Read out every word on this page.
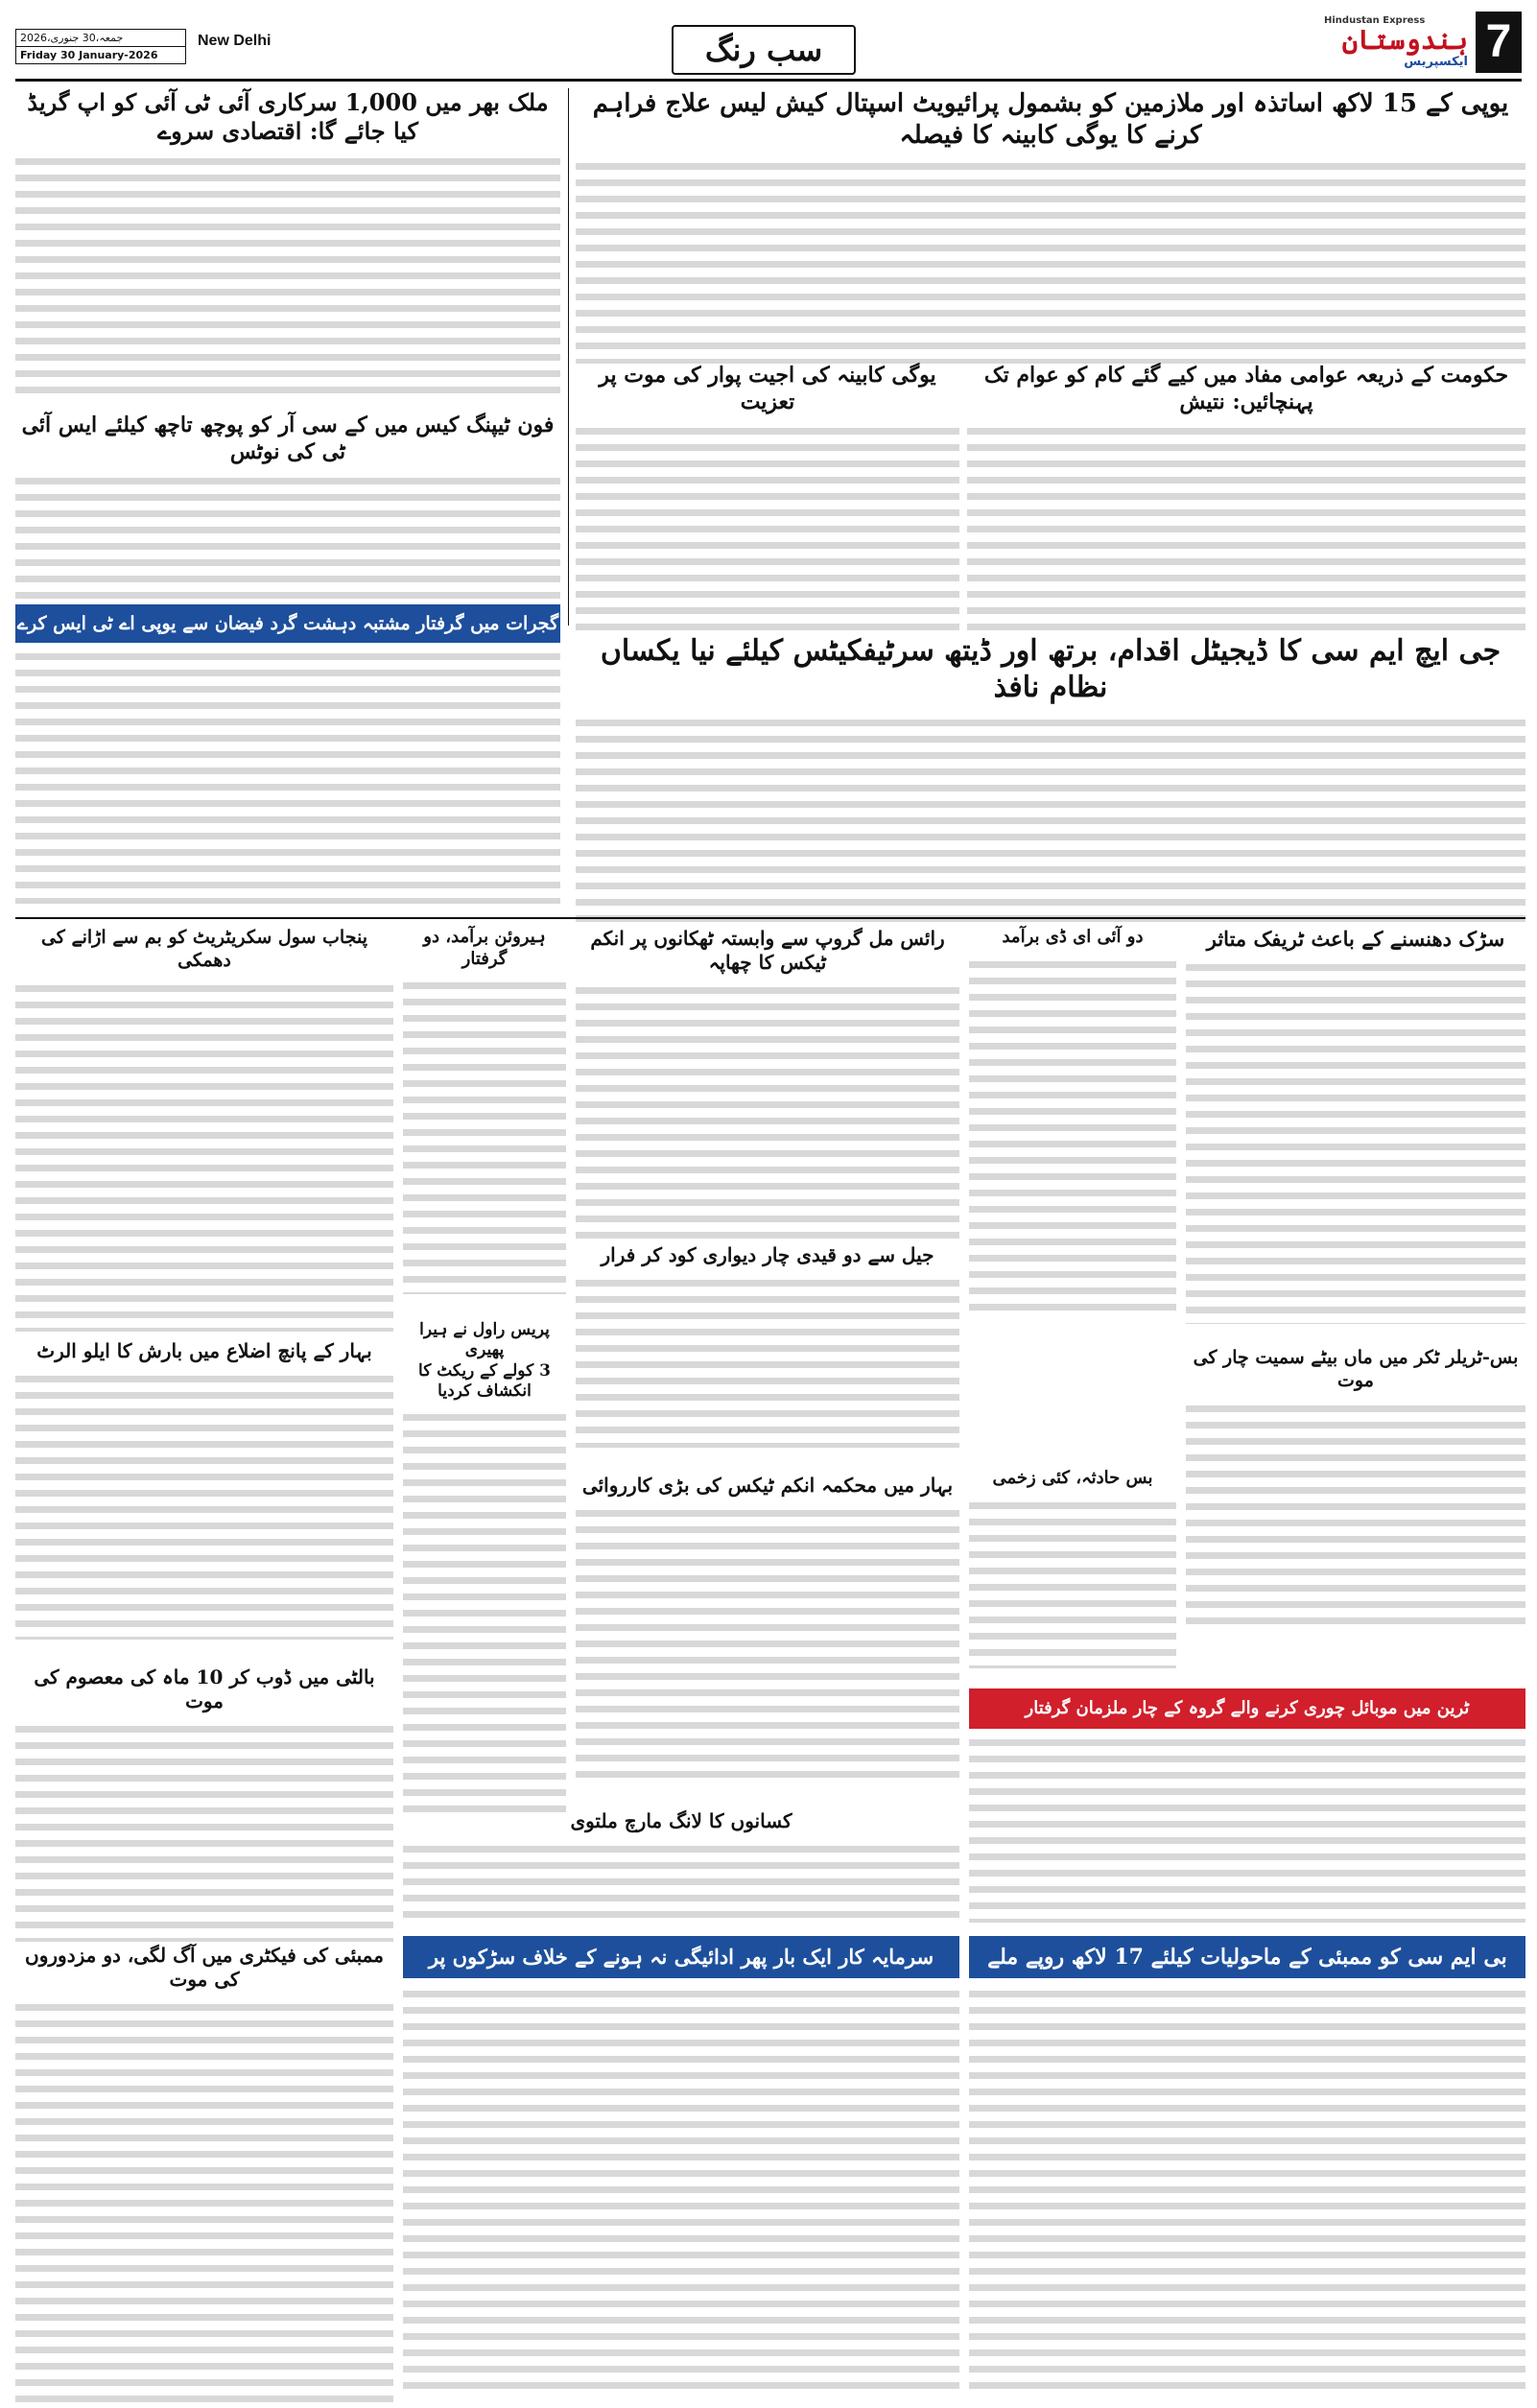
جمعہ،30 جنوری،2026
Friday 30 January-2026
New Delhi	سب رنگ
Hindustan Express
ہندوستان
ایکسپریس 7
یوپی کے 15 لاکھ اساتذہ اور ملازمین کو بشمول پرائیویٹ اسپتال کیش لیس علاج فراہم کرنے کا یوگی کابینہ کا فیصلہ
ملک بھر میں 1,000 سرکاری آئی ٹی آئی کو اپ گریڈ کیا جائے گا: اقتصادی سروے
حکومت کے ذریعہ عوامی مفاد میں کیے گئے کام کو عوام تک پہنچائیں: نتیش
یوگی کابینہ کی اجیت پوار کی موت پر تعزیت
فون ٹیپنگ کیس میں کے سی آر کو پوچھ تاچھ کیلئے ایس آئی ٹی کی نوٹس
گجرات میں گرفتار مشتبہ دہشت گرد فیضان سے یوپی اے ٹی ایس کرے
جی ایچ ایم سی کا ڈیجیٹل اقدام، برتھ اور ڈیتھ سرٹیفکیٹس کیلئے نیا یکساں نظام نافذ
سڑک دھنسنے کے باعث ٹریفک متاثر
بس-ٹریلر ٹکر میں ماں بیٹے سمیت چار کی موت
دو آئی ای ڈی برآمد
بس حادثہ، کئی زخمی
رائس مل گروپ سے وابستہ ٹھکانوں پر انکم ٹیکس کا چھاپہ
جیل سے دو قیدی چار دیواری کود کر فرار
بہار میں محکمہ انکم ٹیکس کی بڑی کارروائی
ہیروئن برآمد، دو گرفتار
پریس راول نے ہیرا پھیری
3 کولے کے ریکٹ کا انکشاف کردیا
پنجاب سول سکریٹریٹ کو بم سے اڑانے کی دھمکی
بہار کے پانچ اضلاع میں بارش کا ایلو الرٹ
بالٹی میں ڈوب کر 10 ماہ کی معصوم کی موت
ممبئی کی فیکٹری میں آگ لگی، دو مزدوروں کی موت
ٹرین میں موبائل چوری کرنے والے گروہ کے چار ملزمان گرفتار
کسانوں کا لانگ مارچ ملتوی
بی ایم سی کو ممبئی کے ماحولیات کیلئے 17 لاکھ روپے ملے
سرمایہ کار ایک بار پھر ادائیگی نہ ہونے کے خلاف سڑکوں پر
